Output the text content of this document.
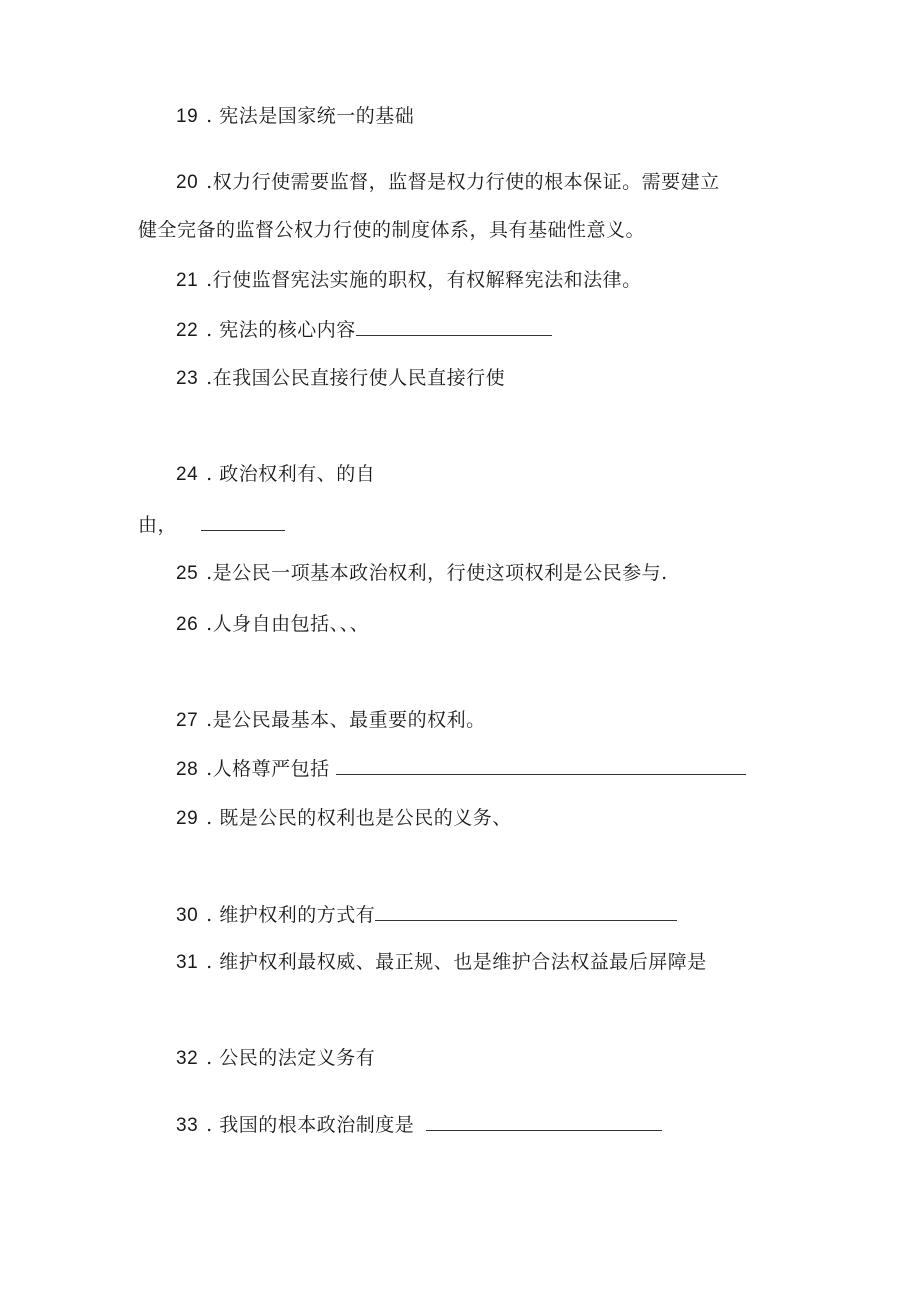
19 . 宪法是国家统一的基础
20 .权力行使需要监督，监督是权力行使的根本保证。需要建立
健全完备的监督公权力行使的制度体系，具有基础性意义。
21 .行使监督宪法实施的职权，有权解释宪法和法律。
22 . 宪法的核心内容
23 .在我国公民直接行使人民直接行使
24 . 政治权利有、的自
由，
25 .是公民一项基本政治权利，行使这项权利是公民参与.
26 .人身自由包括、、、
27 .是公民最基本、最重要的权利。
28 .人格尊严包括
29 . 既是公民的权利也是公民的义务、
30 . 维护权利的方式有
31 . 维护权利最权威、最正规、也是维护合法权益最后屏障是
32 . 公民的法定义务有
33 . 我国的根本政治制度是
